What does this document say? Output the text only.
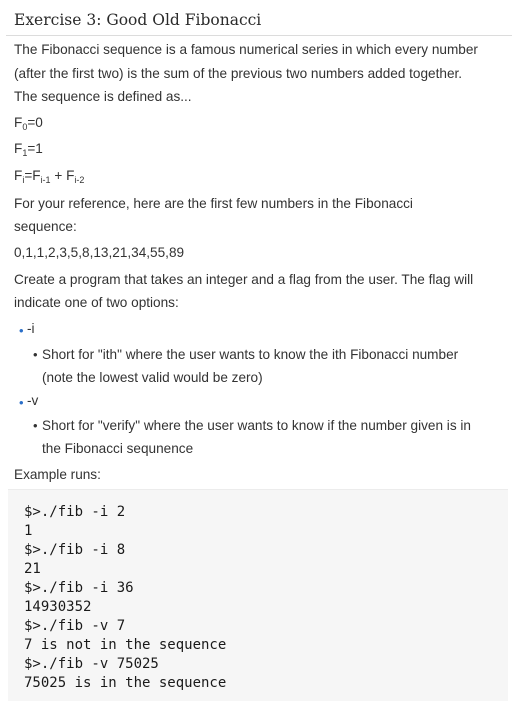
Exercise 3: Good Old Fibonacci
The Fibonacci sequence is a famous numerical series in which every number
(after the first two) is the sum of the previous two numbers added together.
The sequence is defined as...
$F_0=0$
$F_1=1$
$F_i=F_{i-1} + F_{i-2}$
For your reference, here are the first few numbers in the Fibonacci
sequence:
0,1,1,2,3,5,8,13,21,34,55,89
Create a program that takes an integer and a flag from the user. The flag will
indicate one of two options:
• -i
• Short for "ith" where the user wants to know the ith Fibonacci number
(note the lowest valid would be zero)
• -v
• Short for "verify" where the user wants to know if the number given is in
the Fibonacci sequnence
Example runs:
$>./fib -i 2
1
$>./fib -i 8
21
$>./fib -i 36
14930352
$>./fib -v 7
7 is not in the sequence
$>./fib -v 75025
75025 is in the sequence
